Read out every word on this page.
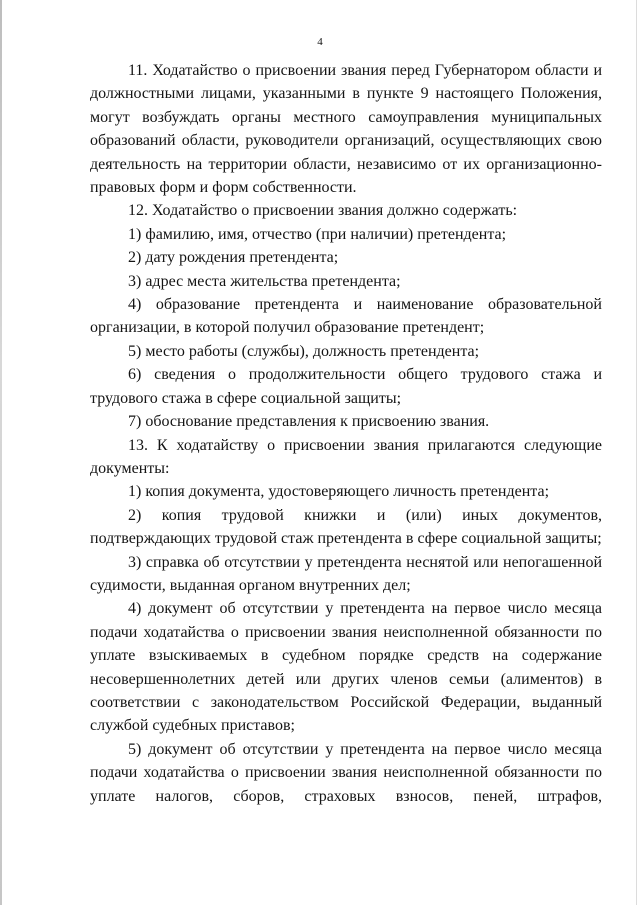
4

11. Ходатайство о присвоении звания перед Губернатором области и должностными лицами, указанными в пункте 9 настоящего Положения, могут возбуждать органы местного самоуправления муниципальных образований области, руководители организаций, осуществляющих свою деятельность на территории области, независимо от их организационно-правовых форм и форм собственности.

12. Ходатайство о присвоении звания должно содержать:

1) фамилию, имя, отчество (при наличии) претендента;

2) дату рождения претендента;

3) адрес места жительства претендента;

4) образование претендента и наименование образовательной организации, в которой получил образование претендент;

5) место работы (службы), должность претендента;

6) сведения о продолжительности общего трудового стажа и трудового стажа в сфере социальной защиты;

7) обоснование представления к присвоению звания.

13. К ходатайству о присвоении звания прилагаются следующие документы:

1) копия документа, удостоверяющего личность претендента;

2) копия трудовой книжки и (или) иных документов, подтверждающих трудовой стаж претендента в сфере социальной защиты;

3) справка об отсутствии у претендента неснятой или непогашенной судимости, выданная органом внутренних дел;

4) документ об отсутствии у претендента на первое число месяца подачи ходатайства о присвоении звания неисполненной обязанности по уплате взыскиваемых в судебном порядке средств на содержание несовершеннолетних детей или других членов семьи (алиментов) в соответствии с законодательством Российской Федерации, выданный службой судебных приставов;

5) документ об отсутствии у претендента на первое число месяца подачи ходатайства о присвоении звания неисполненной обязанности по уплате налогов, сборов, страховых взносов, пеней, штрафов,
